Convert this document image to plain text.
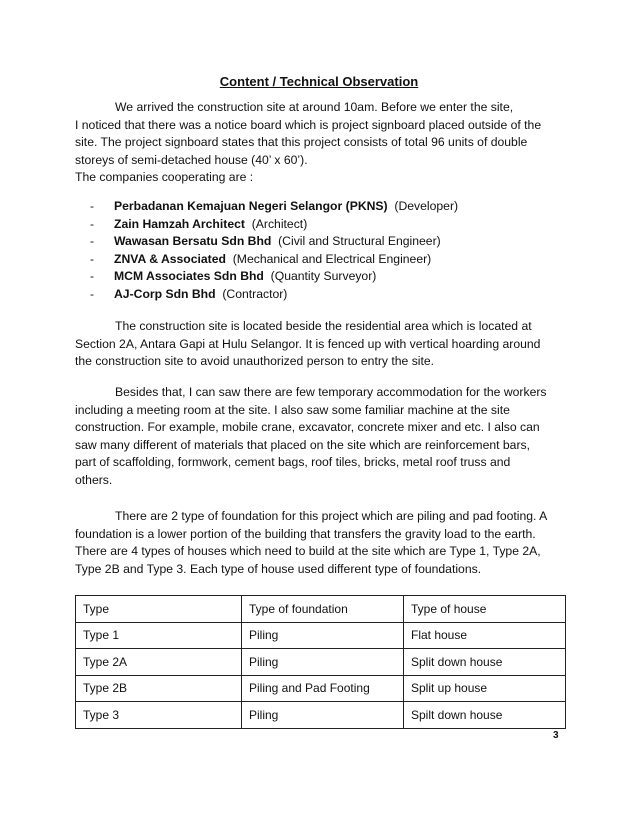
Content / Technical Observation

We arrived the construction site at around 10am. Before we enter the site,
I noticed that there was a notice board which is project signboard placed outside of the
site. The project signboard states that this project consists of total 96 units of double
storeys of semi-detached house (40’ x 60’).
The companies cooperating are :

- Perbadanan Kemajuan Negeri Selangor (PKNS) (Developer)
- Zain Hamzah Architect (Architect)
- Wawasan Bersatu Sdn Bhd (Civil and Structural Engineer)
- ZNVA & Associated (Mechanical and Electrical Engineer)
- MCM Associates Sdn Bhd (Quantity Surveyor)
- AJ-Corp Sdn Bhd (Contractor)

The construction site is located beside the residential area which is located at
Section 2A, Antara Gapi at Hulu Selangor. It is fenced up with vertical hoarding around
the construction site to avoid unauthorized person to entry the site.

Besides that, I can saw there are few temporary accommodation for the workers
including a meeting room at the site. I also saw some familiar machine at the site
construction. For example, mobile crane, excavator, concrete mixer and etc. I also can
saw many different of materials that placed on the site which are reinforcement bars,
part of scaffolding, formwork, cement bags, roof tiles, bricks, metal roof truss and
others.

There are 2 type of foundation for this project which are piling and pad footing. A
foundation is a lower portion of the building that transfers the gravity load to the earth.
There are 4 types of houses which need to build at the site which are Type 1, Type 2A,
Type 2B and Type 3. Each type of house used different type of foundations.

Type	Type of foundation	Type of house
Type 1	Piling	Flat house
Type 2A	Piling	Split down house
Type 2B	Piling and Pad Footing	Split up house
Type 3	Piling	Spilt down house
3
